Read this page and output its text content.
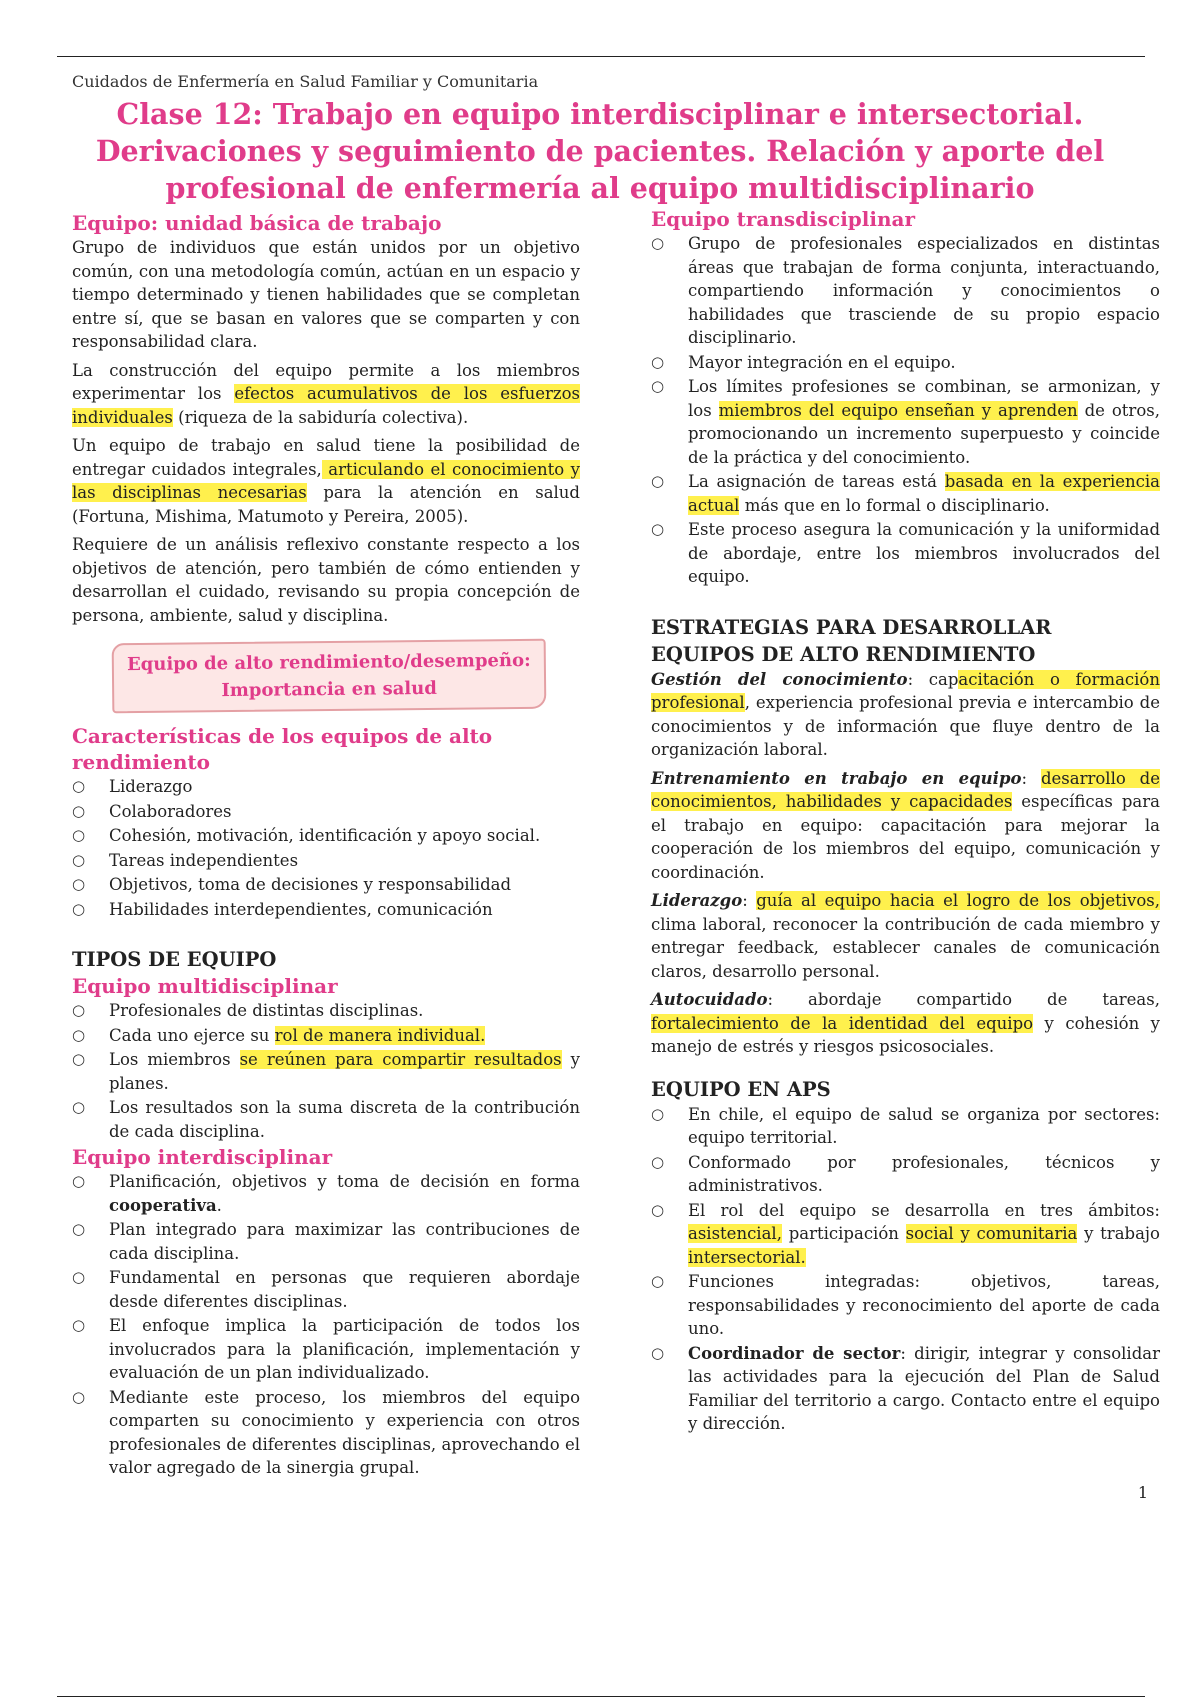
Cuidados de Enfermería en Salud Familiar y Comunitaria
Clase 12: Trabajo en equipo interdisciplinar e intersectorial. Derivaciones y seguimiento de pacientes. Relación y aporte del profesional de enfermería al equipo multidisciplinario
Equipo: unidad básica de trabajo

Grupo de individuos que están unidos por un objetivo común, con una metodología común, actúan en un espacio y tiempo determinado y tienen habilidades que se completan entre sí, que se basan en valores que se comparten y con responsabilidad clara.

La construcción del equipo permite a los miembros experimentar los efectos acumulativos de los esfuerzos individuales (riqueza de la sabiduría colectiva).

Un equipo de trabajo en salud tiene la posibilidad de entregar cuidados integrales, articulando el conocimiento y las disciplinas necesarias para la atención en salud (Fortuna, Mishima, Matumoto y Pereira, 2005).

Requiere de un análisis reflexivo constante respecto a los objetivos de atención, pero también de cómo entienden y desarrollan el cuidado, revisando su propia concepción de persona, ambiente, salud y disciplina.

Equipo de alto rendimiento/desempeño:
Importancia en salud
Características de los equipos de alto rendimiento
○ Liderazgo
○ Colaboradores
○ Cohesión, motivación, identificación y apoyo social.
○ Tareas independientes
○ Objetivos, toma de decisiones y responsabilidad
○ Habilidades interdependientes, comunicación
TIPOS DE EQUIPO
Equipo multidisciplinar
○ Profesionales de distintas disciplinas.
○ Cada uno ejerce su rol de manera individual.
○ Los miembros se reúnen para compartir resultados y planes.
○ Los resultados son la suma discreta de la contribución de cada disciplina.
Equipo interdisciplinar
○ Planificación, objetivos y toma de decisión en forma cooperativa.
○ Plan integrado para maximizar las contribuciones de cada disciplina.
○ Fundamental en personas que requieren abordaje desde diferentes disciplinas.
○ El enfoque implica la participación de todos los involucrados para la planificación, implementación y evaluación de un plan individualizado.
○ Mediante este proceso, los miembros del equipo comparten su conocimiento y experiencia con otros profesionales de diferentes disciplinas, aprovechando el valor agregado de la sinergia grupal.
Equipo transdisciplinar
○ Grupo de profesionales especializados en distintas áreas que trabajan de forma conjunta, interactuando, compartiendo información y conocimientos o habilidades que trasciende de su propio espacio disciplinario.
○ Mayor integración en el equipo.
○ Los límites profesiones se combinan, se armonizan, y los miembros del equipo enseñan y aprenden de otros, promocionando un incremento superpuesto y coincide de la práctica y del conocimiento.
○ La asignación de tareas está basada en la experiencia actual más que en lo formal o disciplinario.
○ Este proceso asegura la comunicación y la uniformidad de abordaje, entre los miembros involucrados del equipo.
ESTRATEGIAS PARA DESARROLLAR EQUIPOS DE ALTO RENDIMIENTO

Gestión del conocimiento: capacitación o formación profesional, experiencia profesional previa e intercambio de conocimientos y de información que fluye dentro de la organización laboral.

Entrenamiento en trabajo en equipo: desarrollo de conocimientos, habilidades y capacidades específicas para el trabajo en equipo: capacitación para mejorar la cooperación de los miembros del equipo, comunicación y coordinación.

Liderazgo: guía al equipo hacia el logro de los objetivos, clima laboral, reconocer la contribución de cada miembro y entregar feedback, establecer canales de comunicación claros, desarrollo personal.

Autocuidado: abordaje compartido de tareas, fortalecimiento de la identidad del equipo y cohesión y manejo de estrés y riesgos psicosociales.

EQUIPO EN APS
○ En chile, el equipo de salud se organiza por sectores: equipo territorial.
○ Conformado por profesionales, técnicos y administrativos.
○ El rol del equipo se desarrolla en tres ámbitos: asistencial, participación social y comunitaria y trabajo intersectorial.
○ Funciones integradas: objetivos, tareas, responsabilidades y reconocimiento del aporte de cada uno.
○ Coordinador de sector: dirigir, integrar y consolidar las actividades para la ejecución del Plan de Salud Familiar del territorio a cargo. Contacto entre el equipo y dirección.
1
